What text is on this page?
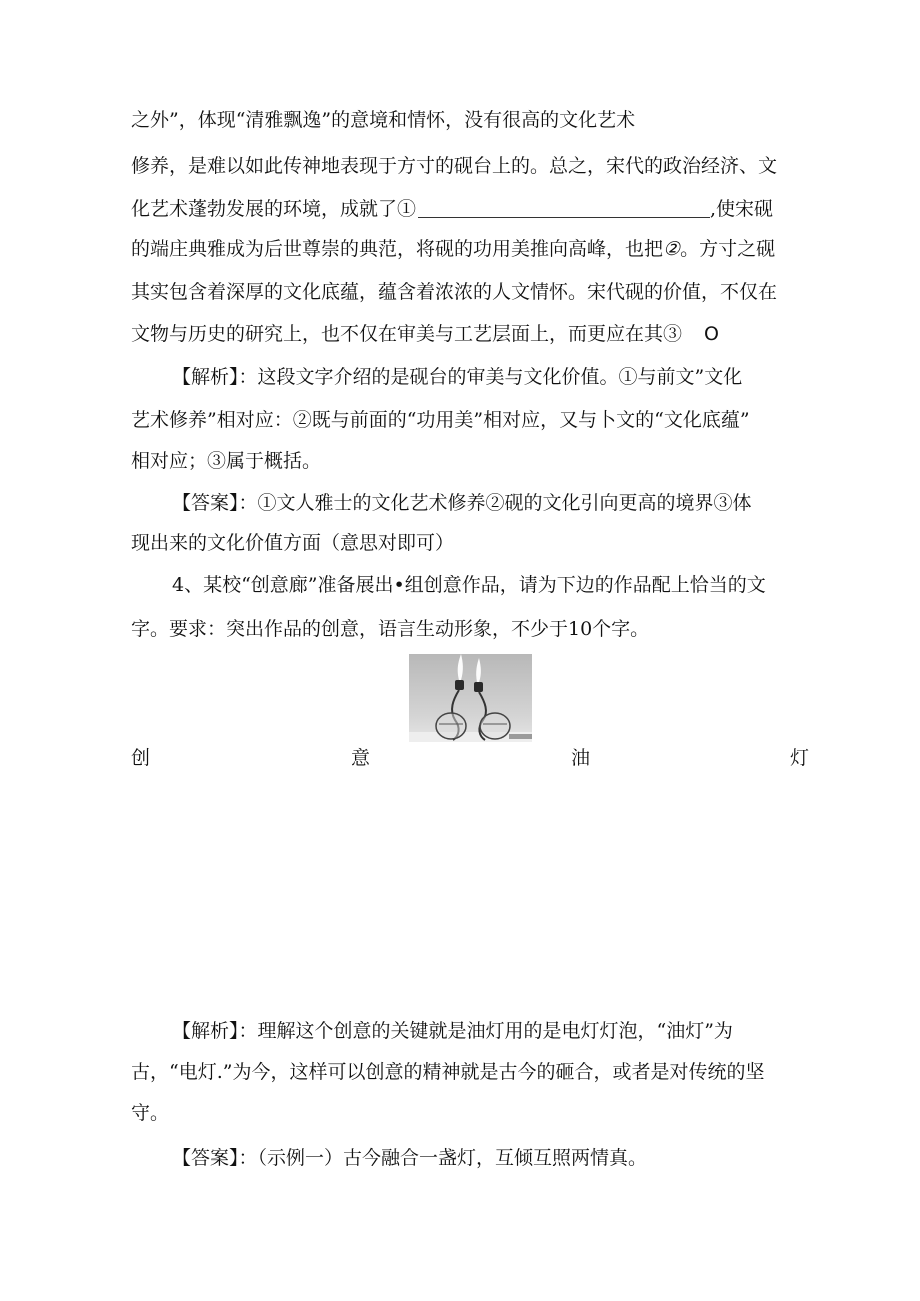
之外”，体现“清雅飘逸”的意境和情怀，没有很高的文化艺术
修养，是难以如此传神地表现于方寸的砚台上的。总之，宋代的政治经济、文
化艺术蓬勃发展的环境，成就了①	,使宋砚
的端庄典雅成为后世尊崇的典范，将砚的功用美推向高峰，也把②。方寸之砚
其实包含着深厚的文化底蕴，蕴含着浓浓的人文情怀。宋代砚的价值，不仅在
文物与历史的研究上，也不仅在审美与工艺层面上，而更应在其③ O
【解析】：这段文字介绍的是砚台的审美与文化价值。①与前文”文化
艺术修养”相对应：②既与前面的“功用美”相对应，又与卜文的“文化底蕴”
相对应；③属于概括。
【答案】：①文人雅士的文化艺术修养②砚的文化引向更高的境界③体
现出来的文化价值方面（意思对即可）
4、某校“创意廊”准备展出•组创意作品，请为下边的作品配上恰当的文
字。要求：突出作品的创意，语言生动形象，不少于10个字。
创	意	油	灯
【解析】：理解这个创意的关键就是油灯用的是电灯灯泡，“油灯”为
古，“电灯.”为今，这样可以创意的精神就是古今的砸合，或者是对传统的坚
守。
【答案】：（示例一）古今融合一盏灯，互倾互照两情真。
